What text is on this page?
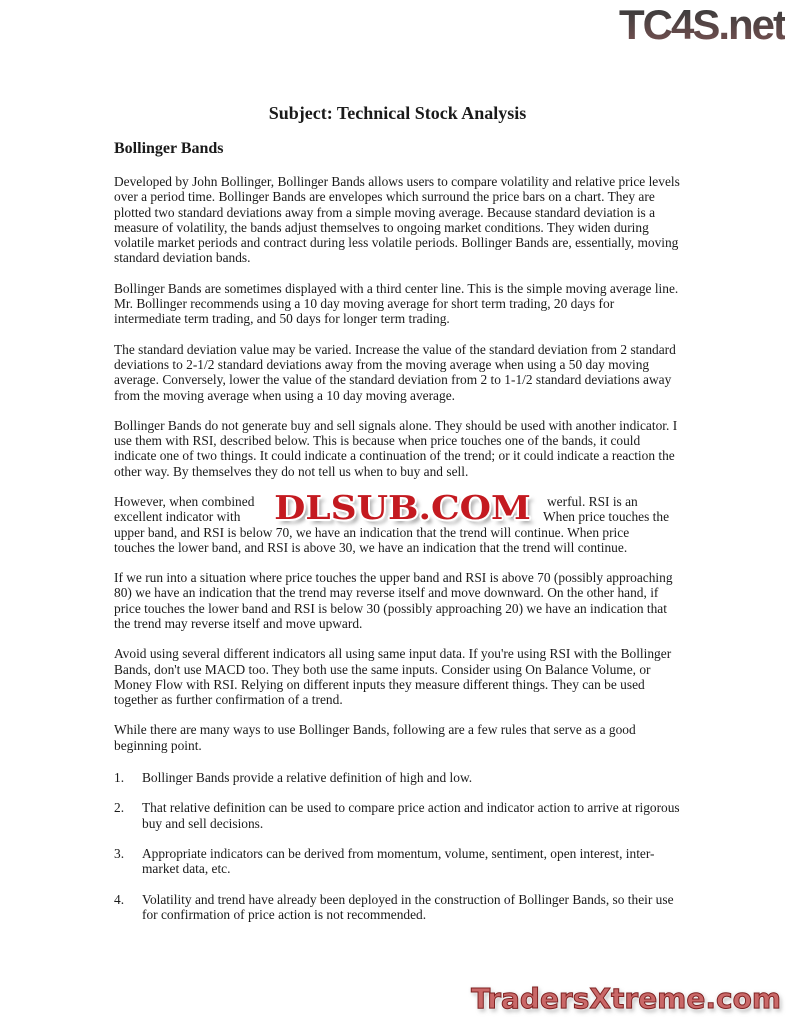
TC4S.net
Subject: Technical Stock Analysis
Bollinger Bands

Developed by John Bollinger, Bollinger Bands allows users to compare volatility and relative price levels over a period time. Bollinger Bands are envelopes which surround the price bars on a chart. They are plotted two standard deviations away from a simple moving average. Because standard deviation is a measure of volatility, the bands adjust themselves to ongoing market conditions. They widen during volatile market periods and contract during less volatile periods. Bollinger Bands are, essentially, moving standard deviation bands.

Bollinger Bands are sometimes displayed with a third center line. This is the simple moving average line. Mr. Bollinger recommends using a 10 day moving average for short term trading, 20 days for intermediate term trading, and 50 days for longer term trading.

The standard deviation value may be varied. Increase the value of the standard deviation from 2 standard deviations to 2-1/2 standard deviations away from the moving average when using a 50 day moving average. Conversely, lower the value of the standard deviation from 2 to 1-1/2 standard deviations away from the moving average when using a 10 day moving average.

Bollinger Bands do not generate buy and sell signals alone. They should be used with another indicator. I use them with RSI, described below. This is because when price touches one of the bands, it could indicate one of two things. It could indicate a continuation of the trend; or it could indicate a reaction the other way. By themselves they do not tell us when to buy and sell.

However, when combined	werful. RSI is an
excellent indicator with	When price touches the
upper band, and RSI is below 70, we have an indication that the trend will continue. When price
touches the lower band, and RSI is above 30, we have an indication that the trend will continue.
DLSUB.COM

If we run into a situation where price touches the upper band and RSI is above 70 (possibly approaching 80) we have an indication that the trend may reverse itself and move downward. On the other hand, if price touches the lower band and RSI is below 30 (possibly approaching 20) we have an indication that the trend may reverse itself and move upward.

Avoid using several different indicators all using same input data. If you're using RSI with the Bollinger Bands, don't use MACD too. They both use the same inputs. Consider using On Balance Volume, or Money Flow with RSI. Relying on different inputs they measure different things. They can be used together as further confirmation of a trend.

While there are many ways to use Bollinger Bands, following are a few rules that serve as a good beginning point.

1.	Bollinger Bands provide a relative definition of high and low.
2.	That relative definition can be used to compare price action and indicator action to arrive at rigorous buy and sell decisions.
3.	Appropriate indicators can be derived from momentum, volume, sentiment, open interest, inter-market data, etc.
4.	Volatility and trend have already been deployed in the construction of Bollinger Bands, so their use for confirmation of price action is not recommended.
TradersXtreme.com
